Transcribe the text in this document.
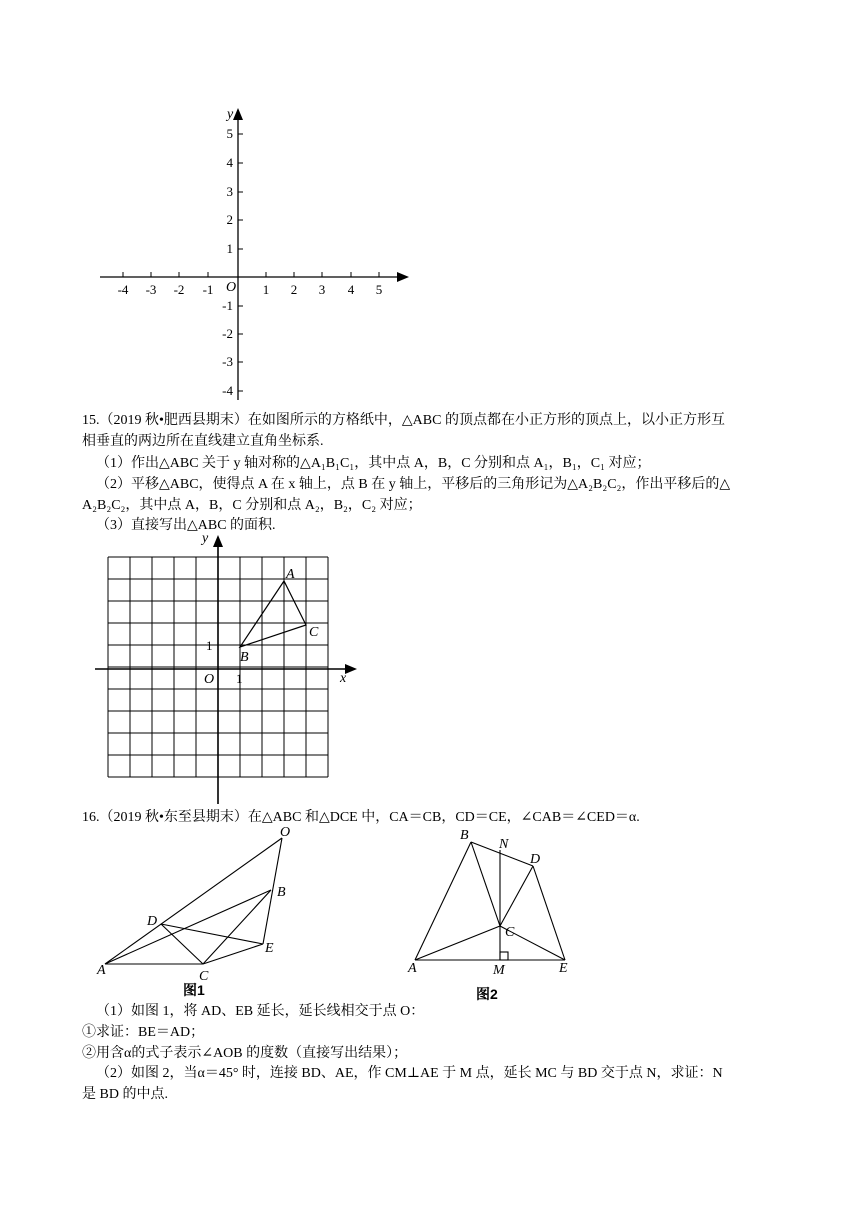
y
O
-4 -3 -2 -1	1 2 3 4 5
5
4
3
2
1
-1
-2
-3
-4
15.（2019 秋•肥西县期末）在如图所示的方格纸中，△ABC 的顶点都在小正方形的顶点上，以小正方形互
相垂直的两边所在直线建立直角坐标系.
（1）作出△ABC 关于 y 轴对称的△A₁B₁C₁，其中点 A，B，C 分别和点 A₁，B₁，C₁ 对应；
（2）平移△ABC，使得点 A 在 x 轴上，点 B 在 y 轴上，平移后的三角形记为△A₂B₂C₂，作出平移后的△
A₂B₂C₂，其中点 A，B，C 分别和点 A₂，B₂，C₂ 对应；
（3）直接写出△ABC 的面积.
y
x
O 1
1
A
B
C
16.（2019 秋•东至县期末）在△ABC 和△DCE 中，CA＝CB，CD＝CE，∠CAB＝∠CED＝α.
O
B
D
E
A	C
图1
B
N
D
C
A	M	E
图2
（1）如图 1，将 AD、EB 延长，延长线相交于点 O：
①求证：BE＝AD；
②用含α的式子表示∠AOB 的度数（直接写出结果）；
（2）如图 2，当α＝45° 时，连接 BD、AE，作 CM⊥AE 于 M 点，延长 MC 与 BD 交于点 N，求证：N
是 BD 的中点.
